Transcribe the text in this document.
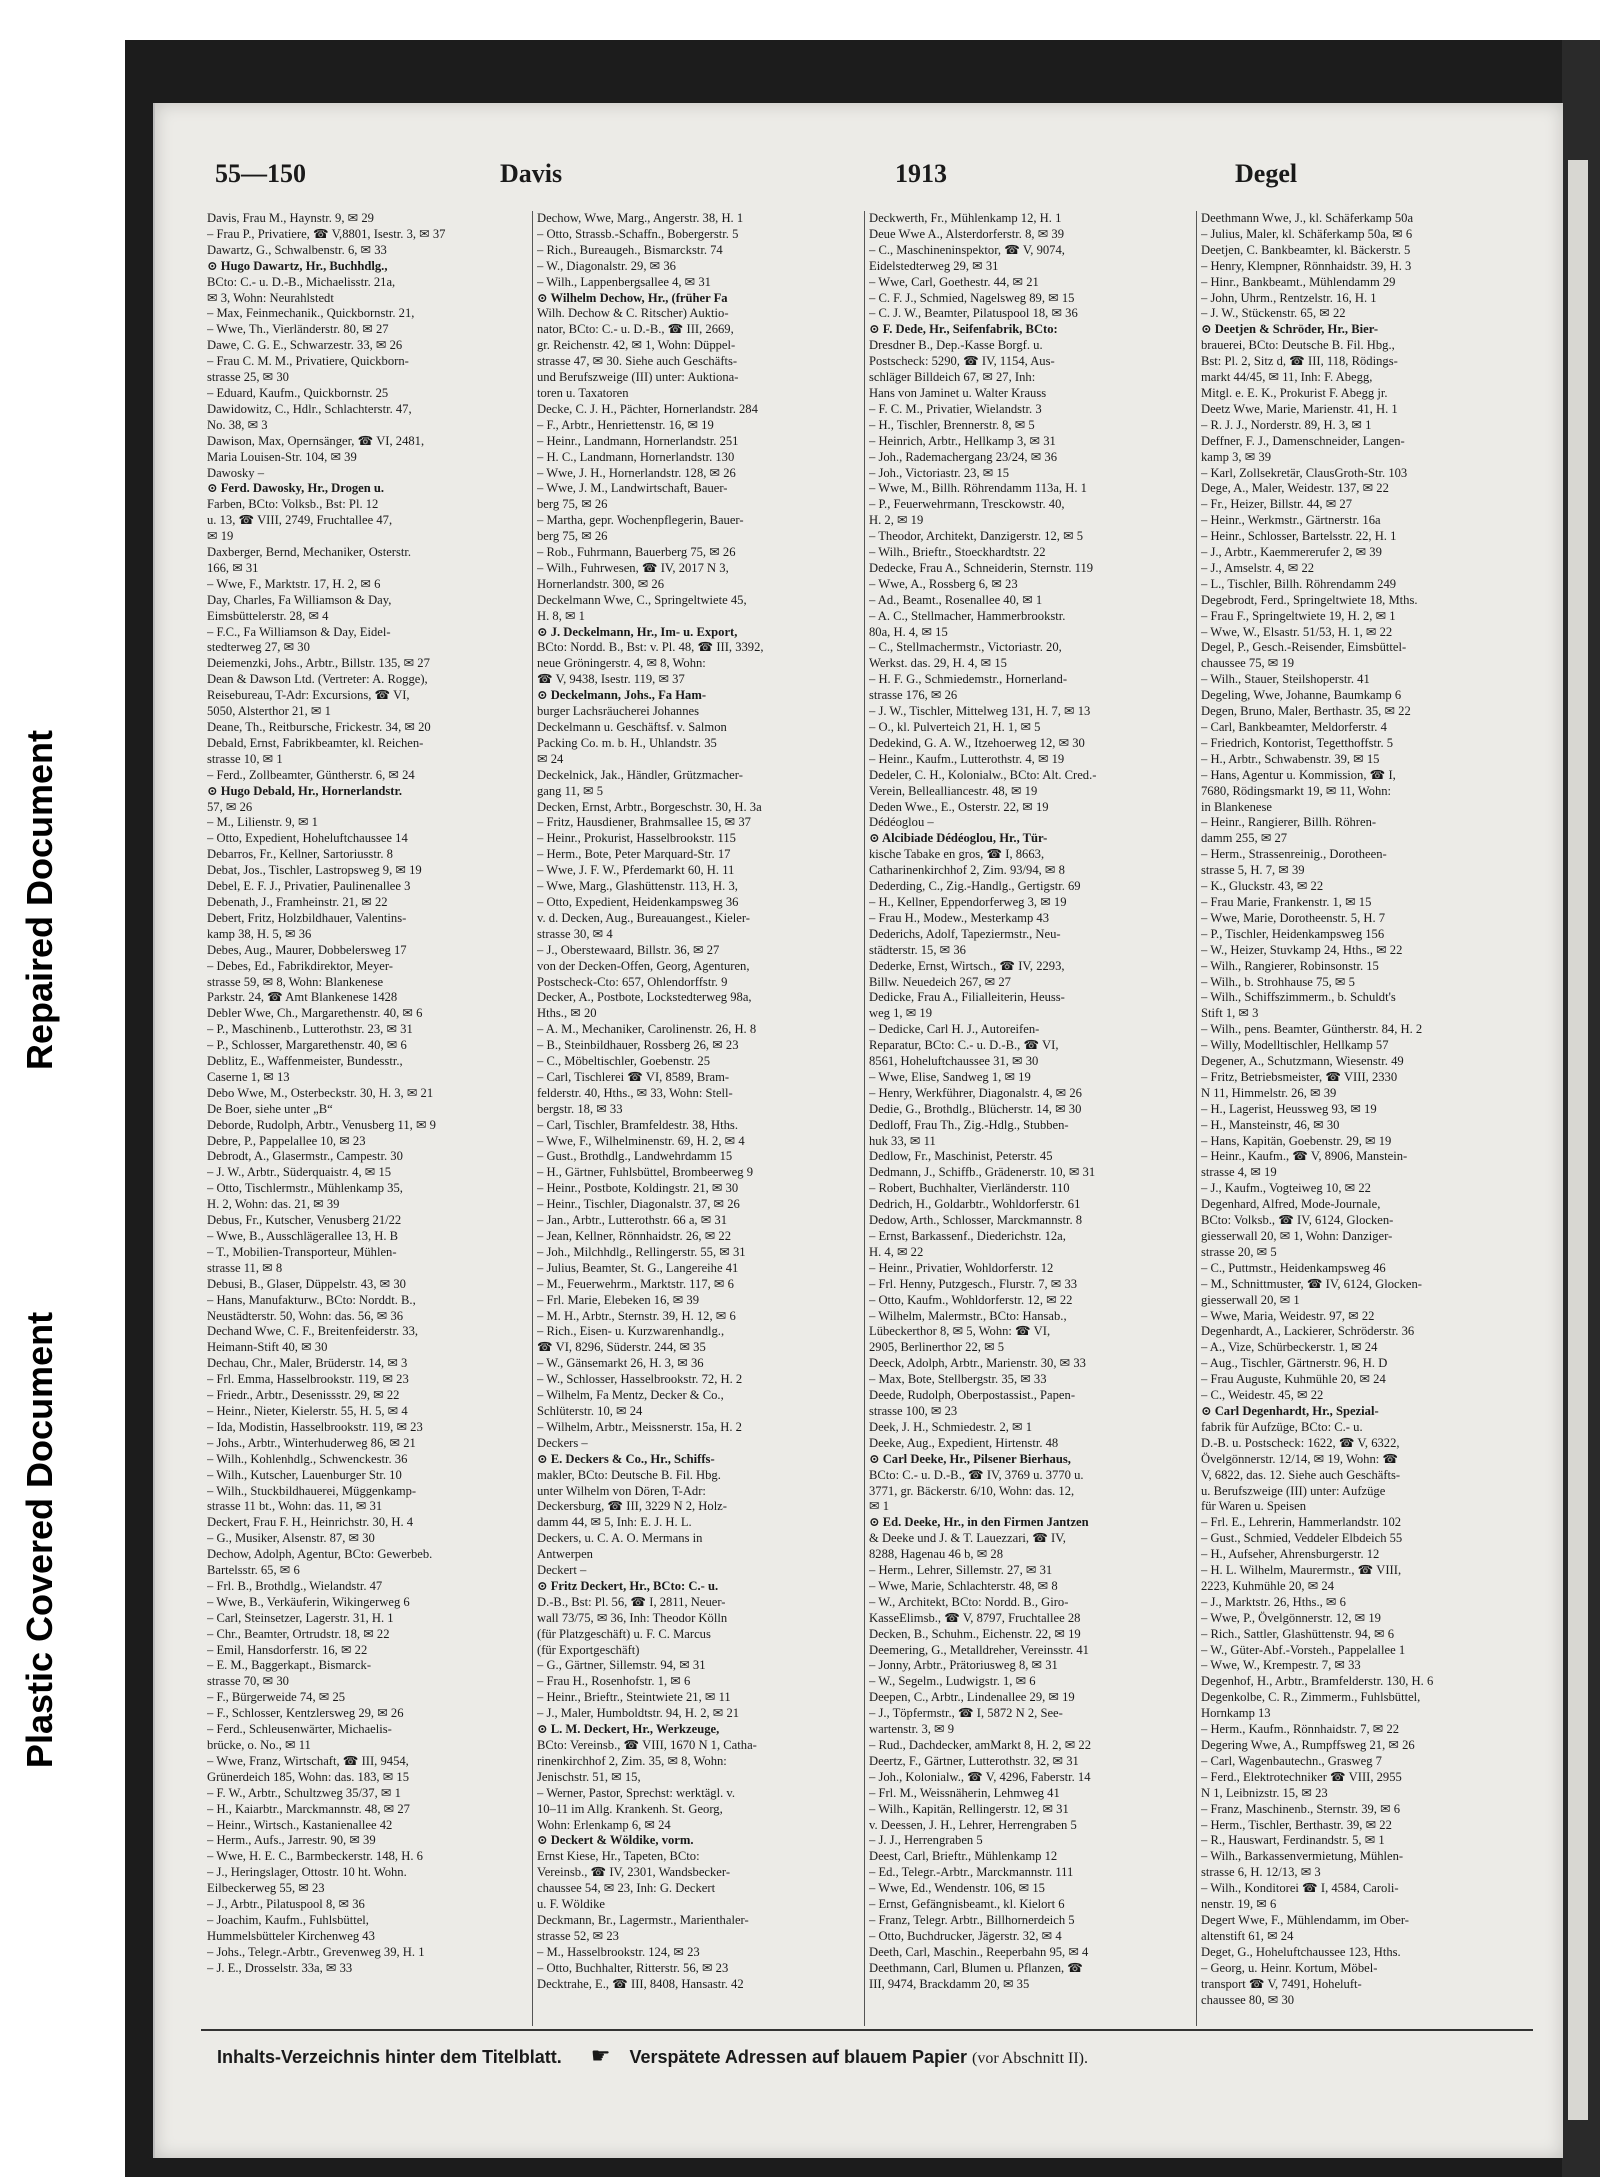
Repaired Document
Plastic Covered Document
55—150	Davis	1913	Degel
Davis, Frau M., Haynstr. 9, ✉ 29
– Frau P., Privatiere, ☎ V,8801, Isestr. 3, ✉ 37
Dawartz, G., Schwalbenstr. 6, ✉ 33
⊙ Hugo Dawartz, Hr., Buchhdlg.,
BCto: C.- u. D.-B., Michaelisstr. 21a,
✉ 3, Wohn: Neurahlstedt
– Max, Feinmechanik., Quickbornstr. 21,
– Wwe, Th., Vierländerstr. 80, ✉ 27
Dawe, C. G. E., Schwarzestr. 33, ✉ 26
– Frau C. M. M., Privatiere, Quickborn-
strasse 25, ✉ 30
– Eduard, Kaufm., Quickbornstr. 25
Dawidowitz, C., Hdlr., Schlachterstr. 47,
No. 38, ✉ 3
Dawison, Max, Opernsänger, ☎ VI, 2481,
Maria Louisen-Str. 104, ✉ 39
Dawosky –
⊙ Ferd. Dawosky, Hr., Drogen u.
Farben, BCto: Volksb., Bst: Pl. 12
u. 13, ☎ VIII, 2749, Fruchtallee 47,
✉ 19
Daxberger, Bernd, Mechaniker, Osterstr.
166, ✉ 31
– Wwe, F., Marktstr. 17, H. 2, ✉ 6
Day, Charles, Fa Williamson & Day,
Eimsbüttelerstr. 28, ✉ 4
– F.C., Fa Williamson & Day, Eidel-
stedterweg 27, ✉ 30
Deiemenzki, Johs., Arbtr., Billstr. 135, ✉ 27
Dean & Dawson Ltd. (Vertreter: A. Rogge),
Reisebureau, T-Adr: Excursions, ☎ VI,
5050, Alsterthor 21, ✉ 1
Deane, Th., Reitbursche, Frickestr. 34, ✉ 20
Debald, Ernst, Fabrikbeamter, kl. Reichen-
strasse 10, ✉ 1
– Ferd., Zollbeamter, Güntherstr. 6, ✉ 24
⊙ Hugo Debald, Hr., Hornerlandstr.
57, ✉ 26
– M., Lilienstr. 9, ✉ 1
– Otto, Expedient, Hoheluftchaussee 14
Debarros, Fr., Kellner, Sartoriusstr. 8
Debat, Jos., Tischler, Lastropsweg 9, ✉ 19
Debel, E. F. J., Privatier, Paulinenallee 3
Debenath, J., Framheinstr. 21, ✉ 22
Debert, Fritz, Holzbildhauer, Valentins-
kamp 38, H. 5, ✉ 36
Debes, Aug., Maurer, Dobbelersweg 17
– Debes, Ed., Fabrikdirektor, Meyer-
strasse 59, ✉ 8, Wohn: Blankenese
Parkstr. 24, ☎ Amt Blankenese 1428
Debler Wwe, Ch., Margarethenstr. 40, ✉ 6
– P., Maschinenb., Lutterothstr. 23, ✉ 31
– P., Schlosser, Margarethenstr. 40, ✉ 6
Deblitz, E., Waffenmeister, Bundesstr.,
Caserne 1, ✉ 13
Debo Wwe, M., Osterbeckstr. 30, H. 3, ✉ 21
De Boer, siehe unter „B“
Deborde, Rudolph, Arbtr., Venusberg 11, ✉ 9
Debre, P., Pappelallee 10, ✉ 23
Debrodt, A., Glasermstr., Campestr. 30
– J. W., Arbtr., Süderquaistr. 4, ✉ 15
– Otto, Tischlermstr., Mühlenkamp 35,
H. 2, Wohn: das. 21, ✉ 39
Debus, Fr., Kutscher, Venusberg 21/22
– Wwe, B., Ausschlägerallee 13, H. B
– T., Mobilien-Transporteur, Mühlen-
strasse 11, ✉ 8
Debusi, B., Glaser, Düppelstr. 43, ✉ 30
– Hans, Manufakturw., BCto: Norddt. B.,
Neustädterstr. 50, Wohn: das. 56, ✉ 36
Dechand Wwe, C. F., Breitenfeiderstr. 33,
Heimann-Stift 40, ✉ 30
Dechau, Chr., Maler, Brüderstr. 14, ✉ 3
– Frl. Emma, Hasselbrookstr. 119, ✉ 23
– Friedr., Arbtr., Desenissstr. 29, ✉ 22
– Heinr., Nieter, Kielerstr. 55, H. 5, ✉ 4
– Ida, Modistin, Hasselbrookstr. 119, ✉ 23
– Johs., Arbtr., Winterhuderweg 86, ✉ 21
– Wilh., Kohlenhdlg., Schwenckestr. 36
– Wilh., Kutscher, Lauenburger Str. 10
– Wilh., Stuckbildhauerei, Müggenkamp-
strasse 11 bt., Wohn: das. 11, ✉ 31
Deckert, Frau F. H., Heinrichstr. 30, H. 4
– G., Musiker, Alsenstr. 87, ✉ 30
Dechow, Adolph, Agentur, BCto: Gewerbeb.
Bartelsstr. 65, ✉ 6
– Frl. B., Brothdlg., Wielandstr. 47
– Wwe, B., Verkäuferin, Wikingerweg 6
– Carl, Steinsetzer, Lagerstr. 31, H. 1
– Chr., Beamter, Ortrudstr. 18, ✉ 22
– Emil, Hansdorferstr. 16, ✉ 22
– E. M., Baggerkapt., Bismarck-
strasse 70, ✉ 30
– F., Bürgerweide 74, ✉ 25
– F., Schlosser, Kentzlersweg 29, ✉ 26
– Ferd., Schleusenwärter, Michaelis-
brücke, o. No., ✉ 11
– Wwe, Franz, Wirtschaft, ☎ III, 9454,
Grünerdeich 185, Wohn: das. 183, ✉ 15
– F. W., Arbtr., Schultzweg 35/37, ✉ 1
– H., Kaiarbtr., Marckmannstr. 48, ✉ 27
– Heinr., Wirtsch., Kastanienallee 42
– Herm., Aufs., Jarrestr. 90, ✉ 39
– Wwe, H. E. C., Barmbeckerstr. 148, H. 6
– J., Heringslager, Ottostr. 10 ht. Wohn.
Eilbeckerweg 55, ✉ 23
– J., Arbtr., Pilatuspool 8, ✉ 36
– Joachim, Kaufm., Fuhlsbüttel,
Hummelsbütteler Kirchenweg 43
– Johs., Telegr.-Arbtr., Grevenweg 39, H. 1
– J. E., Drosselstr. 33a, ✉ 33
Dechow, Wwe, Marg., Angerstr. 38, H. 1
– Otto, Strassb.-Schaffn., Bobergerstr. 5
– Rich., Bureaugeh., Bismarckstr. 74
– W., Diagonalstr. 29, ✉ 36
– Wilh., Lappenbergsallee 4, ✉ 31
⊙ Wilhelm Dechow, Hr., (früher Fa
Wilh. Dechow & C. Ritscher) Auktio-
nator, BCto: C.- u. D.-B., ☎ III, 2669,
gr. Reichenstr. 42, ✉ 1, Wohn: Düppel-
strasse 47, ✉ 30. Siehe auch Geschäfts-
und Berufszweige (III) unter: Auktiona-
toren u. Taxatoren
Decke, C. J. H., Pächter, Hornerlandstr. 284
– F., Arbtr., Henriettenstr. 16, ✉ 19
– Heinr., Landmann, Hornerlandstr. 251
– H. C., Landmann, Hornerlandstr. 130
– Wwe, J. H., Hornerlandstr. 128, ✉ 26
– Wwe, J. M., Landwirtschaft, Bauer-
berg 75, ✉ 26
– Martha, gepr. Wochenpflegerin, Bauer-
berg 75, ✉ 26
– Rob., Fuhrmann, Bauerberg 75, ✉ 26
– Wilh., Fuhrwesen, ☎ IV, 2017 N 3,
Hornerlandstr. 300, ✉ 26
Deckelmann Wwe, C., Springeltwiete 45,
H. 8, ✉ 1
⊙ J. Deckelmann, Hr., Im- u. Export,
BCto: Nordd. B., Bst: v. Pl. 48, ☎ III, 3392,
neue Gröningerstr. 4, ✉ 8, Wohn:
☎ V, 9438, Isestr. 119, ✉ 37
⊙ Deckelmann, Johs., Fa Ham-
burger Lachsräucherei Johannes
Deckelmann u. Geschäftsf. v. Salmon
Packing Co. m. b. H., Uhlandstr. 35
✉ 24
Deckelnick, Jak., Händler, Grützmacher-
gang 11, ✉ 5
Decken, Ernst, Arbtr., Borgeschstr. 30, H. 3a
– Fritz, Hausdiener, Brahmsallee 15, ✉ 37
– Heinr., Prokurist, Hasselbrookstr. 115
– Herm., Bote, Peter Marquard-Str. 17
– Wwe, J. F. W., Pferdemarkt 60, H. 11
– Wwe, Marg., Glashüttenstr. 113, H. 3,
– Otto, Expedient, Heidenkampsweg 36
v. d. Decken, Aug., Bureauangest., Kieler-
strasse 30, ✉ 4
– J., Oberstewaard, Billstr. 36, ✉ 27
von der Decken-Offen, Georg, Agenturen,
Postscheck-Cto: 657, Ohlendorffstr. 9
Decker, A., Postbote, Lockstedterweg 98a,
Hths., ✉ 20
– A. M., Mechaniker, Carolinenstr. 26, H. 8
– B., Steinbildhauer, Rossberg 26, ✉ 23
– C., Möbeltischler, Goebenstr. 25
– Carl, Tischlerei ☎ VI, 8589, Bram-
felderstr. 40, Hths., ✉ 33, Wohn: Stell-
bergstr. 18, ✉ 33
– Carl, Tischler, Bramfeldestr. 38, Hths.
– Wwe, F., Wilhelminenstr. 69, H. 2, ✉ 4
– Gust., Brothdlg., Landwehrdamm 15
– H., Gärtner, Fuhlsbüttel, Brombeerweg 9
– Heinr., Postbote, Koldingstr. 21, ✉ 30
– Heinr., Tischler, Diagonalstr. 37, ✉ 26
– Jan., Arbtr., Lutterothstr. 66 a, ✉ 31
– Jean, Kellner, Rönnhaidstr. 26, ✉ 22
– Joh., Milchhdlg., Rellingerstr. 55, ✉ 31
– Julius, Beamter, St. G., Langereihe 41
– M., Feuerwehrm., Marktstr. 117, ✉ 6
– Frl. Marie, Elebeken 16, ✉ 39
– M. H., Arbtr., Sternstr. 39, H. 12, ✉ 6
– Rich., Eisen- u. Kurzwarenhandlg.,
☎ VI, 8296, Süderstr. 244, ✉ 35
– W., Gänsemarkt 26, H. 3, ✉ 36
– W., Schlosser, Hasselbrookstr. 72, H. 2
– Wilhelm, Fa Mentz, Decker & Co.,
Schlüterstr. 10, ✉ 24
– Wilhelm, Arbtr., Meissnerstr. 15a, H. 2
Deckers –
⊙ E. Deckers & Co., Hr., Schiffs-
makler, BCto: Deutsche B. Fil. Hbg.
unter Wilhelm von Dören, T-Adr:
Deckersburg, ☎ III, 3229 N 2, Holz-
damm 44, ✉ 5, Inh: E. J. H. L.
Deckers, u. C. A. O. Mermans in
Antwerpen
Deckert –
⊙ Fritz Deckert, Hr., BCto: C.- u.
D.-B., Bst: Pl. 56, ☎ I, 2811, Neuer-
wall 73/75, ✉ 36, Inh: Theodor Kölln
(für Platzgeschäft) u. F. C. Marcus
(für Exportgeschäft)
– G., Gärtner, Sillemstr. 94, ✉ 31
– Frau H., Rosenhofstr. 1, ✉ 6
– Heinr., Brieftr., Steintwiete 21, ✉ 11
– J., Maler, Humboldtstr. 94, H. 2, ✉ 21
⊙ L. M. Deckert, Hr., Werkzeuge,
BCto: Vereinsb., ☎ VIII, 1670 N 1, Catha-
rinenkirchhof 2, Zim. 35, ✉ 8, Wohn:
Jenischstr. 51, ✉ 15,
– Werner, Pastor, Sprechst: werktägl. v.
10–11 im Allg. Krankenh. St. Georg,
Wohn: Erlenkamp 6, ✉ 24
⊙ Deckert & Wöldike, vorm.
Ernst Kiese, Hr., Tapeten, BCto:
Vereinsb., ☎ IV, 2301, Wandsbecker-
chaussee 54, ✉ 23, Inh: G. Deckert
u. F. Wöldike
Deckmann, Br., Lagermstr., Marienthaler-
strasse 52, ✉ 23
– M., Hasselbrookstr. 124, ✉ 23
– Otto, Buchhalter, Ritterstr. 56, ✉ 23
Decktrahe, E., ☎ III, 8408, Hansastr. 42
Deckwerth, Fr., Mühlenkamp 12, H. 1
Deue Wwe A., Alsterdorferstr. 8, ✉ 39
– C., Maschineninspektor, ☎ V, 9074,
Eidelstedterweg 29, ✉ 31
– Wwe, Carl, Goethestr. 44, ✉ 21
– C. F. J., Schmied, Nagelsweg 89, ✉ 15
– C. J. W., Beamter, Pilatuspool 18, ✉ 36
⊙ F. Dede, Hr., Seifenfabrik, BCto:
Dresdner B., Dep.-Kasse Borgf. u.
Postscheck: 5290, ☎ IV, 1154, Aus-
schläger Billdeich 67, ✉ 27, Inh:
Hans von Jaminet u. Walter Krauss
– F. C. M., Privatier, Wielandstr. 3
– H., Tischler, Brennerstr. 8, ✉ 5
– Heinrich, Arbtr., Hellkamp 3, ✉ 31
– Joh., Rademachergang 23/24, ✉ 36
– Joh., Victoriastr. 23, ✉ 15
– Wwe, M., Billh. Röhrendamm 113a, H. 1
– P., Feuerwehrmann, Tresckowstr. 40,
H. 2, ✉ 19
– Theodor, Architekt, Danzigerstr. 12, ✉ 5
– Wilh., Brieftr., Stoeckhardtstr. 22
Dedecke, Frau A., Schneiderin, Sternstr. 119
– Wwe, A., Rossberg 6, ✉ 23
– Ad., Beamt., Rosenallee 40, ✉ 1
– A. C., Stellmacher, Hammerbrookstr.
80a, H. 4, ✉ 15
– C., Stellmachermstr., Victoriastr. 20,
Werkst. das. 29, H. 4, ✉ 15
– H. F. G., Schmiedemstr., Hornerland-
strasse 176, ✉ 26
– J. W., Tischler, Mittelweg 131, H. 7, ✉ 13
– O., kl. Pulverteich 21, H. 1, ✉ 5
Dedekind, G. A. W., Itzehoerweg 12, ✉ 30
– Heinr., Kaufm., Lutterothstr. 4, ✉ 19
Dedeler, C. H., Kolonialw., BCto: Alt. Cred.-
Verein, Bellealliancestr. 48, ✉ 19
Deden Wwe., E., Osterstr. 22, ✉ 19
Dédéoglou –
⊙ Alcibiade Dédéoglou, Hr., Tür-
kische Tabake en gros, ☎ I, 8663,
Catharinenkirchhof 2, Zim. 93/94, ✉ 8
Dederding, C., Zig.-Handlg., Gertigstr. 69
– H., Kellner, Eppendorferweg 3, ✉ 19
– Frau H., Modew., Mesterkamp 43
Dederichs, Adolf, Tapeziermstr., Neu-
städterstr. 15, ✉ 36
Dederke, Ernst, Wirtsch., ☎ IV, 2293,
Billw. Neuedeich 267, ✉ 27
Dedicke, Frau A., Filialleiterin, Heuss-
weg 1, ✉ 19
– Dedicke, Carl H. J., Autoreifen-
Reparatur, BCto: C.- u. D.-B., ☎ VI,
8561, Hoheluftchaussee 31, ✉ 30
– Wwe, Elise, Sandweg 1, ✉ 19
– Henry, Werkführer, Diagonalstr. 4, ✉ 26
Dedie, G., Brothdlg., Blücherstr. 14, ✉ 30
Dedloff, Frau Th., Zig.-Hdlg., Stubben-
huk 33, ✉ 11
Dedlow, Fr., Maschinist, Peterstr. 45
Dedmann, J., Schiffb., Grädenerstr. 10, ✉ 31
– Robert, Buchhalter, Vierländerstr. 110
Dedrich, H., Goldarbtr., Wohldorferstr. 61
Dedow, Arth., Schlosser, Marckmannstr. 8
– Ernst, Barkassenf., Diederichstr. 12a,
H. 4, ✉ 22
– Heinr., Privatier, Wohldorferstr. 12
– Frl. Henny, Putzgesch., Flurstr. 7, ✉ 33
– Otto, Kaufm., Wohldorferstr. 12, ✉ 22
– Wilhelm, Malermstr., BCto: Hansab.,
Lübeckerthor 8, ✉ 5, Wohn: ☎ VI,
2905, Berlinerthor 22, ✉ 5
Deeck, Adolph, Arbtr., Marienstr. 30, ✉ 33
– Max, Bote, Stellbergstr. 35, ✉ 33
Deede, Rudolph, Oberpostassist., Papen-
strasse 100, ✉ 23
Deek, J. H., Schmiedestr. 2, ✉ 1
Deeke, Aug., Expedient, Hirtenstr. 48
⊙ Carl Deeke, Hr., Pilsener Bierhaus,
BCto: C.- u. D.-B., ☎ IV, 3769 u. 3770 u.
3771, gr. Bäckerstr. 6/10, Wohn: das. 12,
✉ 1
⊙ Ed. Deeke, Hr., in den Firmen Jantzen
& Deeke und J. & T. Lauezzari, ☎ IV,
8288, Hagenau 46 b, ✉ 28
– Herm., Lehrer, Sillemstr. 27, ✉ 31
– Wwe, Marie, Schlachterstr. 48, ✉ 8
– W., Architekt, BCto: Nordd. B., Giro-
KasseElimsb., ☎ V, 8797, Fruchtallee 28
Decken, B., Schuhm., Eichenstr. 22, ✉ 19
Deemering, G., Metalldreher, Vereinsstr. 41
– Jonny, Arbtr., Prätoriusweg 8, ✉ 31
– W., Segelm., Ludwigstr. 1, ✉ 6
Deepen, C., Arbtr., Lindenallee 29, ✉ 19
– J., Töpfermstr., ☎ I, 5872 N 2, See-
wartenstr. 3, ✉ 9
– Rud., Dachdecker, amMarkt 8, H. 2, ✉ 22
Deertz, F., Gärtner, Lutterothstr. 32, ✉ 31
– Joh., Kolonialw., ☎ V, 4296, Faberstr. 14
– Frl. M., Weissnäherin, Lehmweg 41
– Wilh., Kapitän, Rellingerstr. 12, ✉ 31
v. Deessen, J. H., Lehrer, Herrengraben 5
– J. J., Herrengraben 5
Deest, Carl, Brieftr., Mühlenkamp 12
– Ed., Telegr.-Arbtr., Marckmannstr. 111
– Wwe, Ed., Wendenstr. 106, ✉ 15
– Ernst, Gefängnisbeamt., kl. Kielort 6
– Franz, Telegr. Arbtr., Billhornerdeich 5
– Otto, Buchdrucker, Jägerstr. 32, ✉ 4
Deeth, Carl, Maschin., Reeperbahn 95, ✉ 4
Deethmann, Carl, Blumen u. Pflanzen, ☎
III, 9474, Brackdamm 20, ✉ 35
Deethmann Wwe, J., kl. Schäferkamp 50a
– Julius, Maler, kl. Schäferkamp 50a, ✉ 6
Deetjen, C. Bankbeamter, kl. Bäckerstr. 5
– Henry, Klempner, Rönnhaidstr. 39, H. 3
– Hinr., Bankbeamt., Mühlendamm 29
– John, Uhrm., Rentzelstr. 16, H. 1
– J. W., Stückenstr. 65, ✉ 22
⊙ Deetjen & Schröder, Hr., Bier-
brauerei, BCto: Deutsche B. Fil. Hbg.,
Bst: Pl. 2, Sitz d, ☎ III, 118, Rödings-
markt 44/45, ✉ 11, Inh: F. Abegg,
Mitgl. e. E. K., Prokurist F. Abegg jr.
Deetz Wwe, Marie, Marienstr. 41, H. 1
– R. J. J., Norderstr. 89, H. 3, ✉ 1
Deffner, F. J., Damenschneider, Langen-
kamp 3, ✉ 39
– Karl, Zollsekretär, ClausGroth-Str. 103
Dege, A., Maler, Weidestr. 137, ✉ 22
– Fr., Heizer, Billstr. 44, ✉ 27
– Heinr., Werkmstr., Gärtnerstr. 16a
– Heinr., Schlosser, Bartelsstr. 22, H. 1
– J., Arbtr., Kaemmererufer 2, ✉ 39
– J., Amselstr. 4, ✉ 22
– L., Tischler, Billh. Röhrendamm 249
Degebrodt, Ferd., Springeltwiete 18, Mths.
– Frau F., Springeltwiete 19, H. 2, ✉ 1
– Wwe, W., Elsastr. 51/53, H. 1, ✉ 22
Degel, P., Gesch.-Reisender, Eimsbüttel-
chaussee 75, ✉ 19
– Wilh., Stauer, Steilshoperstr. 41
Degeling, Wwe, Johanne, Baumkamp 6
Degen, Bruno, Maler, Berthastr. 35, ✉ 22
– Carl, Bankbeamter, Meldorferstr. 4
– Friedrich, Kontorist, Tegetthoffstr. 5
– H., Arbtr., Schwabenstr. 39, ✉ 15
– Hans, Agentur u. Kommission, ☎ I,
7680, Rödingsmarkt 19, ✉ 11, Wohn:
in Blankenese
– Heinr., Rangierer, Billh. Röhren-
damm 255, ✉ 27
– Herm., Strassenreinig., Dorotheen-
strasse 5, H. 7, ✉ 39
– K., Gluckstr. 43, ✉ 22
– Frau Marie, Frankenstr. 1, ✉ 15
– Wwe, Marie, Dorotheenstr. 5, H. 7
– P., Tischler, Heidenkampsweg 156
– W., Heizer, Stuvkamp 24, Hths., ✉ 22
– Wilh., Rangierer, Robinsonstr. 15
– Wilh., b. Strohhause 75, ✉ 5
– Wilh., Schiffszimmerm., b. Schuldt's
Stift 1, ✉ 3
– Wilh., pens. Beamter, Güntherstr. 84, H. 2
– Willy, Modelltischler, Hellkamp 57
Degener, A., Schutzmann, Wiesenstr. 49
– Fritz, Betriebsmeister, ☎ VIII, 2330
N 11, Himmelstr. 26, ✉ 39
– H., Lagerist, Heussweg 93, ✉ 19
– H., Mansteinstr, 46, ✉ 30
– Hans, Kapitän, Goebenstr. 29, ✉ 19
– Heinr., Kaufm., ☎ V, 8906, Manstein-
strasse 4, ✉ 19
– J., Kaufm., Vogteiweg 10, ✉ 22
Degenhard, Alfred, Mode-Journale,
BCto: Volksb., ☎ IV, 6124, Glocken-
giesserwall 20, ✉ 1, Wohn: Danziger-
strasse 20, ✉ 5
– C., Puttmstr., Heidenkampsweg 46
– M., Schnittmuster, ☎ IV, 6124, Glocken-
giesserwall 20, ✉ 1
– Wwe, Maria, Weidestr. 97, ✉ 22
Degenhardt, A., Lackierer, Schröderstr. 36
– A., Vize, Schürbeckerstr. 1, ✉ 24
– Aug., Tischler, Gärtnerstr. 96, H. D
– Frau Auguste, Kuhmühle 20, ✉ 24
– C., Weidestr. 45, ✉ 22
⊙ Carl Degenhardt, Hr., Spezial-
fabrik für Aufzüge, BCto: C.- u.
D.-B. u. Postscheck: 1622, ☎ V, 6322,
Övelgönnerstr. 12/14, ✉ 19, Wohn: ☎
V, 6822, das. 12. Siehe auch Geschäfts-
u. Berufszweige (III) unter: Aufzüge
für Waren u. Speisen
– Frl. E., Lehrerin, Hammerlandstr. 102
– Gust., Schmied, Veddeler Elbdeich 55
– H., Aufseher, Ahrensburgerstr. 12
– H. L. Wilhelm, Maurermstr., ☎ VIII,
2223, Kuhmühle 20, ✉ 24
– J., Marktstr. 26, Hths., ✉ 6
– Wwe, P., Övelgönnerstr. 12, ✉ 19
– Rich., Sattler, Glashüttenstr. 94, ✉ 6
– W., Güter-Abf.-Vorsteh., Pappelallee 1
– Wwe, W., Krempestr. 7, ✉ 33
Degenhof, H., Arbtr., Bramfelderstr. 130, H. 6
Degenkolbe, C. R., Zimmerm., Fuhlsbüttel,
Hornkamp 13
– Herm., Kaufm., Rönnhaidstr. 7, ✉ 22
Degering Wwe, A., Rumpffsweg 21, ✉ 26
– Carl, Wagenbautechn., Grasweg 7
– Ferd., Elektrotechniker ☎ VIII, 2955
N 1, Leibnizstr. 15, ✉ 23
– Franz, Maschinenb., Sternstr. 39, ✉ 6
– Herm., Tischler, Berthastr. 39, ✉ 22
– R., Hauswart, Ferdinandstr. 5, ✉ 1
– Wilh., Barkassenvermietung, Mühlen-
strasse 6, H. 12/13, ✉ 3
– Wilh., Konditorei ☎ I, 4584, Caroli-
nenstr. 19, ✉ 6
Degert Wwe, F., Mühlendamm, im Ober-
altenstift 61, ✉ 24
Deget, G., Hoheluftchaussee 123, Hths.
– Georg, u. Heinr. Kortum, Möbel-
transport ☎ V, 7491, Hoheluft-
chaussee 80, ✉ 30
Inhalts-Verzeichnis hinter dem Titelblatt. ☛ Verspätete Adressen auf blauem Papier (vor Abschnitt II).
